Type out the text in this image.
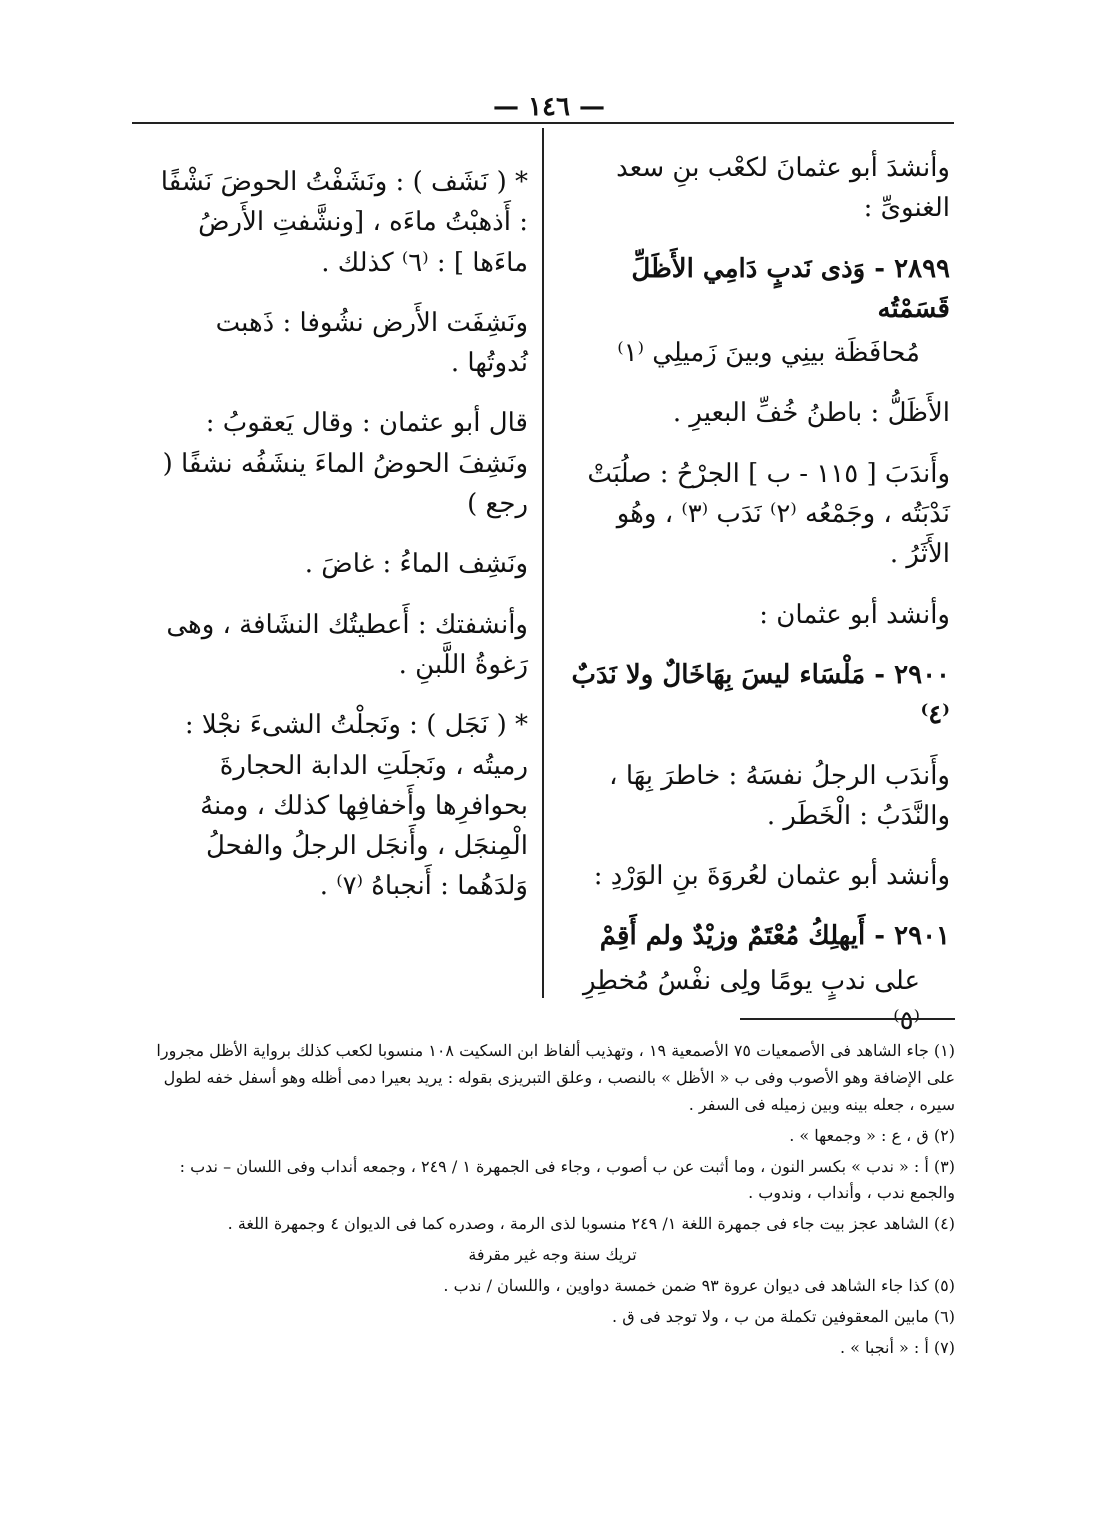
— ١٤٦ —

وأنشدَ أبو عثمانَ لكعْب بنِ سعد الغنوىِّ :

٢٨٩٩ - وَذى نَدبٍ دَامِي الأَظَلِّ قَسَمْتُه

مُحافَظَة بينِي وبينَ زَميلِي ⁽١⁾

الأَظَلُّ : باطنُ خُفِّ البعيرِ .

وأَندَبَ [ ١١٥ - ب ] الجرْحُ : صلُبَتْ نَدْبَتُه ، وجَمْعُه ⁽٢⁾ نَدَب ⁽٣⁾ ، وهُو الأَثَرُ .

وأنشد أبو عثمان :

٢٩٠٠ - مَلْسَاء ليسَ بِهَاخَالٌ ولا نَدَبٌ ⁽٤⁾

وأَندَب الرجلُ نفسَهُ : خاطرَ بِهَا ، والنَّدَبُ : الْخَطَر .

وأنشد أبو عثمان لعُروَةَ بنِ الوَرْدِ :

٢٩٠١ - أَيهلِكُ مُعْتَمٌ وزيْدٌ ولم أَقِمْ

على ندبٍ يومًا ولِى نفْسُ مُخطِرِ ⁽٥⁾

* ( نَشَف ) : ونَشَفْتُ الحوضَ نَشْفًا : أَذهبْتُ ماءَه ، [ونشَّفتِ الأَرضُ ماءَها ] : ⁽٦⁾ كذلك .

ونَشِفَت الأَرض نشُوفا : ذَهبت نُدوتُها .

قال أبو عثمان : وقال يَعقوبُ : ونَشِفَ الحوضُ الماءَ ينشَفُه نشفًا ( رجع )

ونَشِف الماءُ : غاضَ .

وأنشفتك : أَعطيتُك النشَافة ، وهى رَغوةُ اللَّبنِ .

* ( نَجَل ) : ونَجلْتُ الشىءَ نجْلا : رميتُه ، ونَجلَتِ الدابة الحجارةَ بحوافرِها وأَخفافِها كذلك ، ومنهُ الْمِنجَل ، وأَنجَل الرجلُ والفحلُ وَلدَهُما : أَنجباهُ ⁽٧⁾ .

(١) جاء الشاهد فى الأصمعيات ٧٥ الأصمعية ١٩ ، وتهذيب ألفاظ ابن السكيت ١٠٨ منسوبا لكعب كذلك برواية الأظل مجرورا على الإضافة وهو الأصوب وفى ب « الأظل » بالنصب ، وعلق التبريزى بقوله : يريد بعيرا دمى أظله وهو أسفل خفه لطول سيره ، جعله بينه وبين زميله فى السفر .

(٢) ق ، ع : « وجمعها » .

(٣) أ : « ندب » بكسر النون ، وما أثبت عن ب أصوب ، وجاء فى الجمهرة ١ / ٢٤٩ ، وجمعه أنداب وفى اللسان – ندب : والجمع ندب ، وأنداب ، وندوب .

(٤) الشاهد عجز بيت جاء فى جمهرة اللغة ١/ ٢٤٩ منسوبا لذى الرمة ، وصدره كما فى الديوان ٤ وجمهرة اللغة .

تريك سنة وجه غير مقرفة

(٥) كذا جاء الشاهد فى ديوان عروة ٩٣ ضمن خمسة دواوين ، واللسان / ندب .

(٦) مابين المعقوفين تكملة من ب ، ولا توجد فى ق .

(٧) أ : « أنجبا » .
